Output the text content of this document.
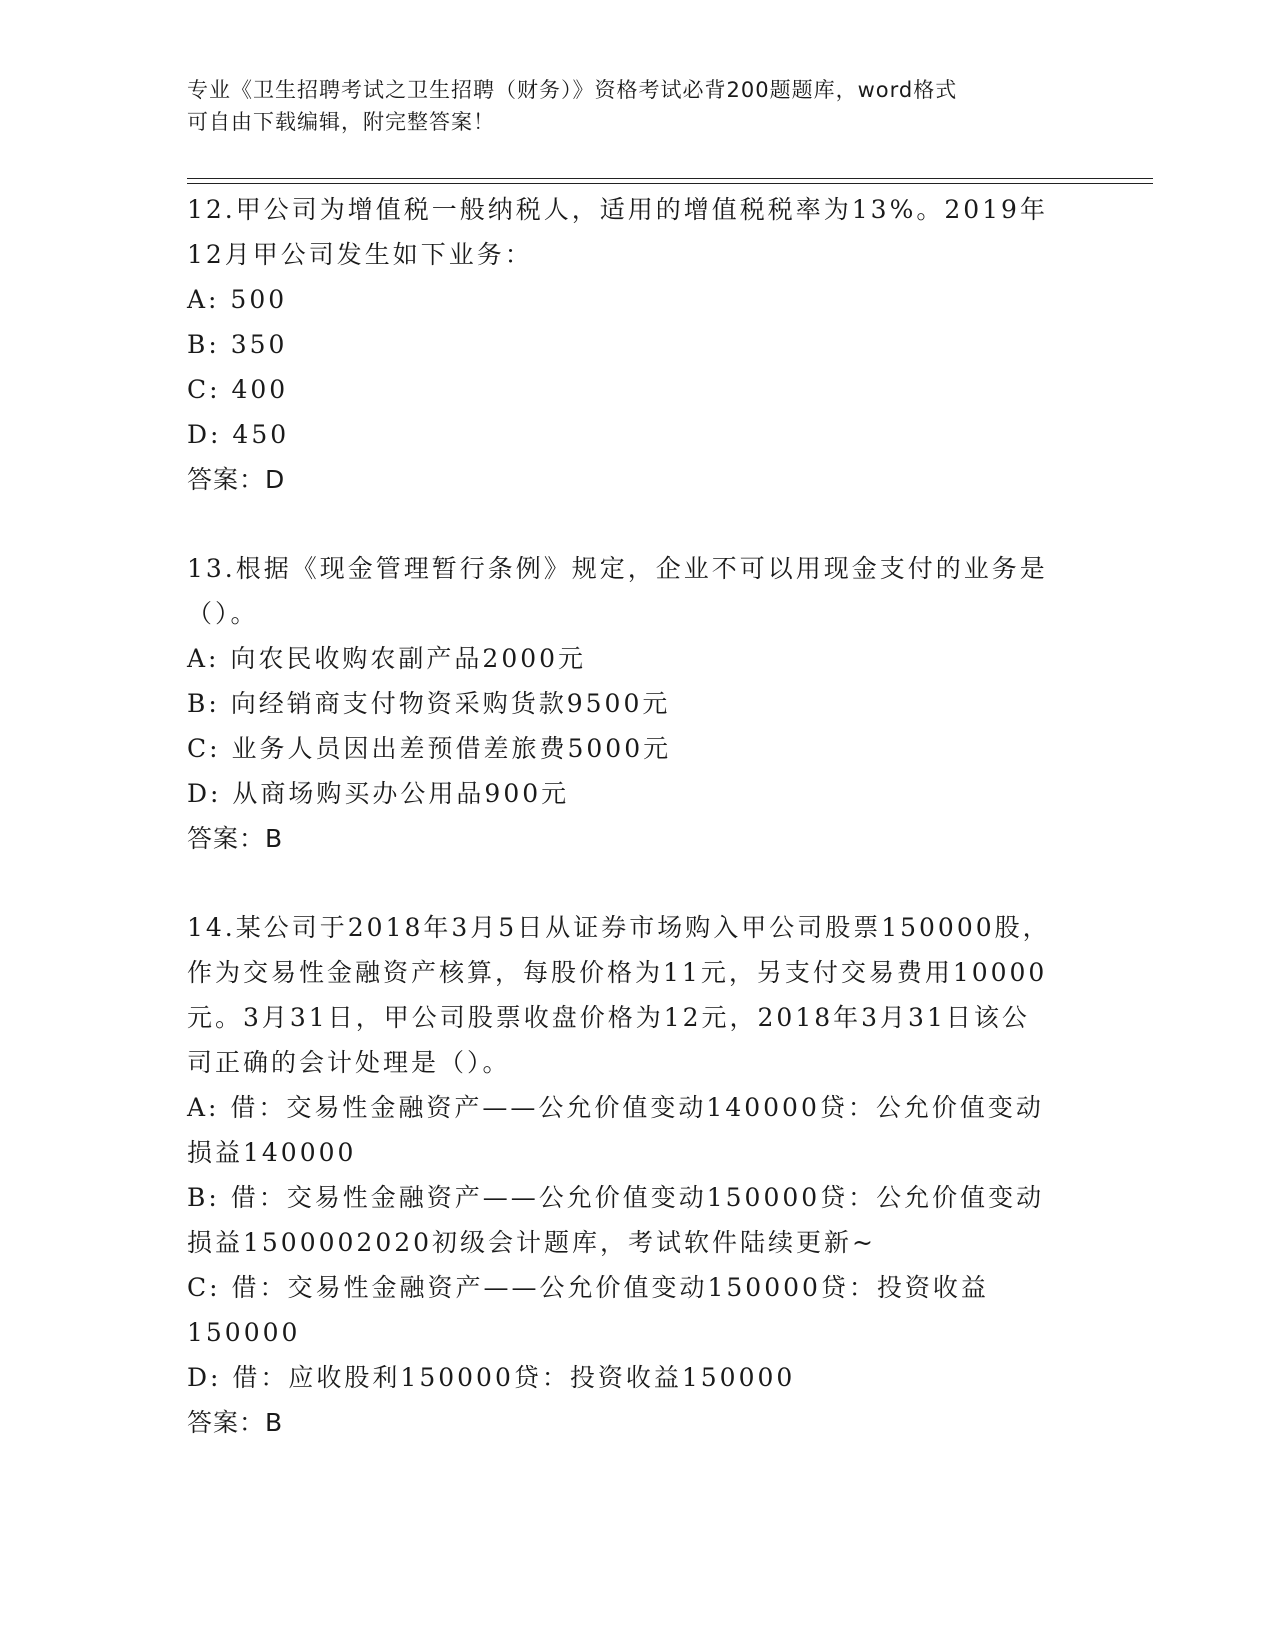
专业《卫生招聘考试之卫生招聘（财务）》资格考试必背200题题库，word格式
可自由下载编辑，附完整答案！
12.甲公司为增值税一般纳税人，适用的增值税税率为13%。2019年
12月甲公司发生如下业务：
A: 500
B: 350
C: 400
D: 450
答案：D
13.根据《现金管理暂行条例》规定，企业不可以用现金支付的业务是
（）。
A: 向农民收购农副产品2000元
B: 向经销商支付物资采购货款9500元
C: 业务人员因出差预借差旅费5000元
D: 从商场购买办公用品900元
答案：B
14.某公司于2018年3月5日从证券市场购入甲公司股票150000股，
作为交易性金融资产核算，每股价格为11元，另支付交易费用10000
元。3月31日，甲公司股票收盘价格为12元，2018年3月31日该公
司正确的会计处理是（）。
A: 借：交易性金融资产——公允价值变动140000贷：公允价值变动
损益140000
B: 借：交易性金融资产——公允价值变动150000贷：公允价值变动
损益1500002020初级会计题库，考试软件陆续更新~
C: 借：交易性金融资产——公允价值变动150000贷：投资收益
150000
D: 借：应收股利150000贷：投资收益150000
答案：B
